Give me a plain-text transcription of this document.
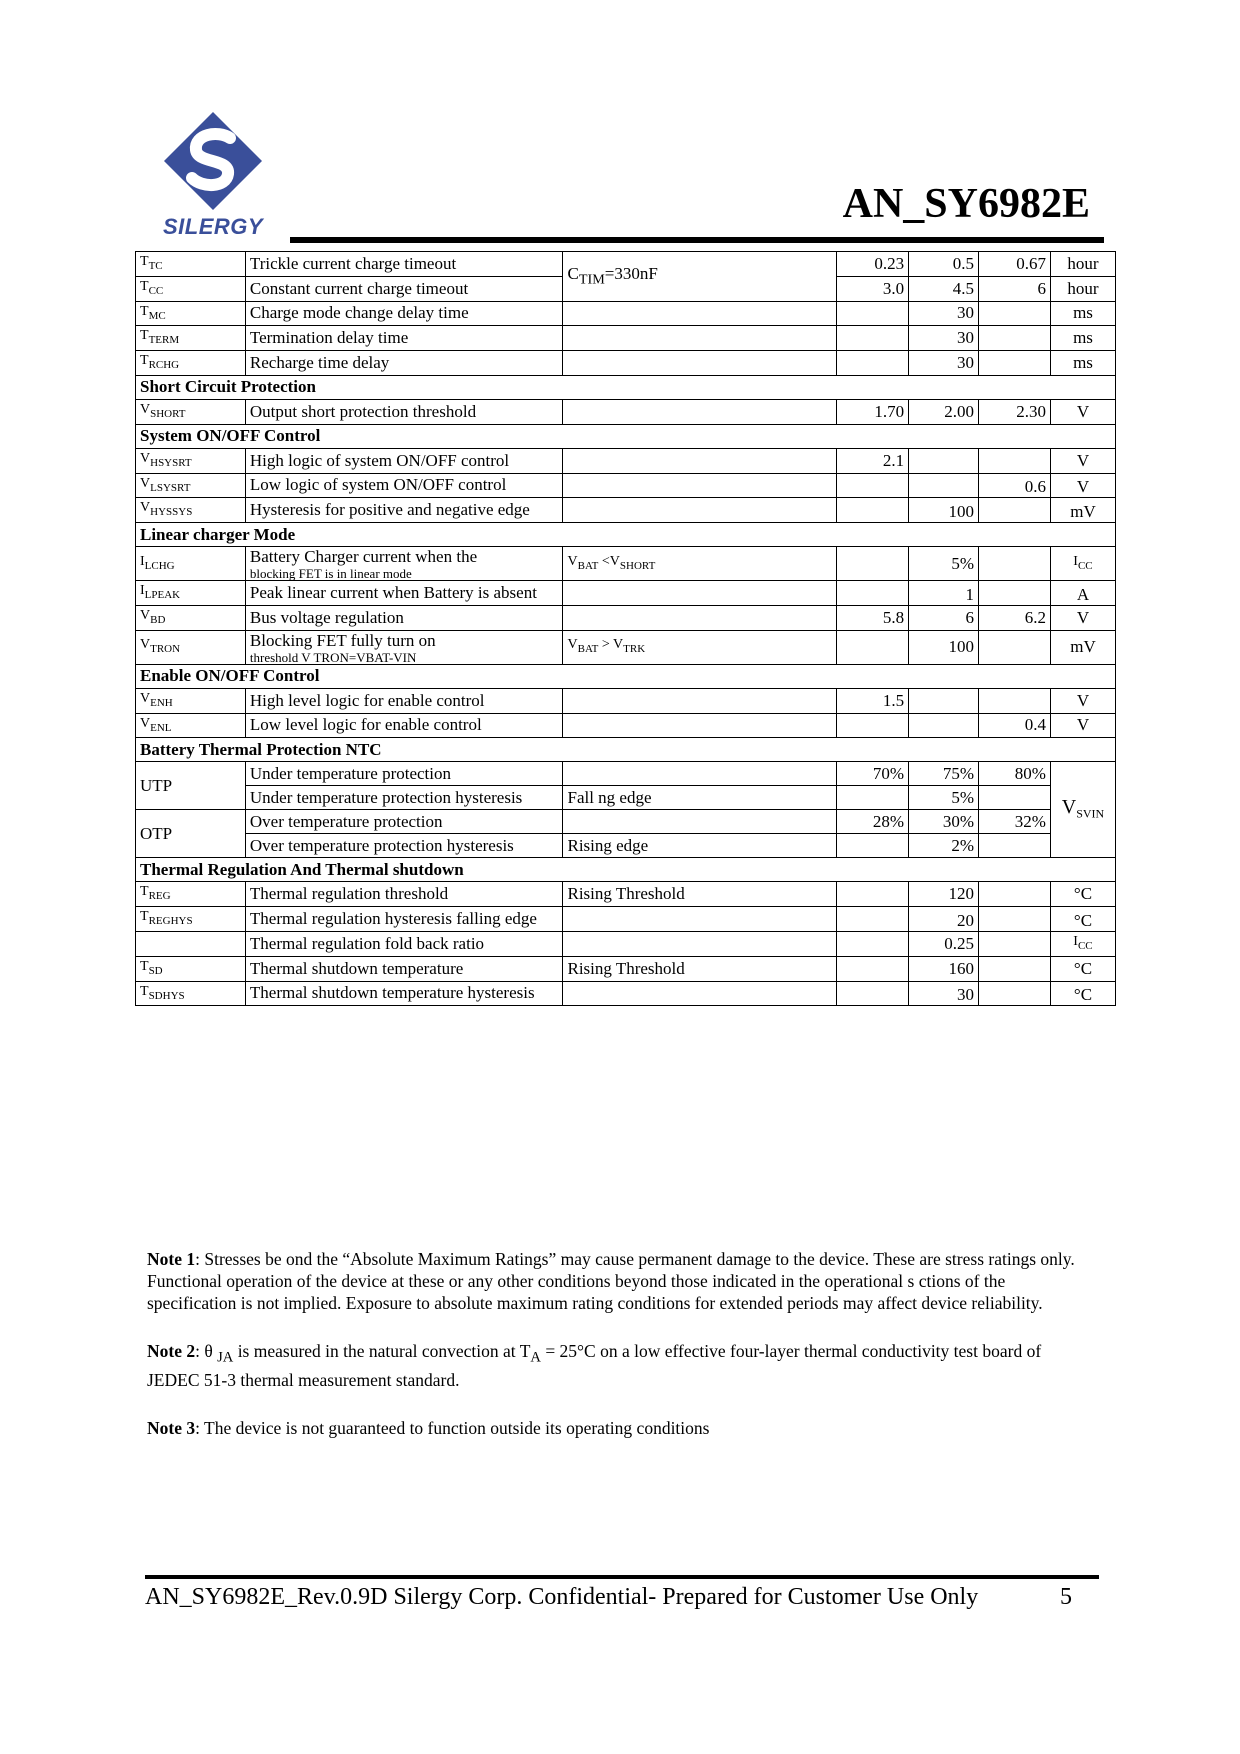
SILERGY	AN_SY6982E
$T_{TC}$	Trickle current charge timeout	$C_{TIM}=330nF$	0.23	0.5	0.67	hour
$T_{CC}$	Constant current charge timeout		3.0	4.5	6	hour
$T_{MC}$	Charge mode change delay time			30		ms
$T_{TERM}$	Termination delay time			30		ms
$T_{RCHG}$	Recharge time delay			30		ms
Short Circuit Protection						
$V_{SHORT}$	Output short protection threshold		1.70	2.00	2.30	V
System ON/OFF Control						
$V_{HSYSRT}$	High logic of system ON/OFF control		2.1			V
$V_{LSYSRT}$	Low logic of system ON/OFF control				0.6	V
$V_{HYSSYS}$	Hysteresis for positive and negative edge			100		mV
Linear charger Mode						
$I_{LCHG}$	Battery Charger current when the
blocking FET is in linear mode	$V_{BAT} <V_{SHORT}$		5%		$I_{CC}$
$I_{LPEAK}$	Peak linear current when Battery is absent			1		A
$V_{BD}$	Bus voltage regulation		5.8	6	6.2	V
$V_{TRON}$	Blocking FET fully turn on
threshold V TRON=VBAT-VIN	$V_{BAT} > V_{TRK}$		100		mV
Enable ON/OFF Control						
$V_{ENH}$	High level logic for enable control		1.5			V
$V_{ENL}$	Low level logic for enable control				0.4	V
Battery Thermal Protection NTC						
UTP	Under temperature protection		70%	75%	80%	$V_{SVIN}$
	Under temperature protection hysteresis	Fall ng edge		5%		
OTP	Over temperature protection		28%	30%	32%	
	Over temperature protection hysteresis	Rising edge		2%		
Thermal Regulation And Thermal shutdown						
$T_{REG}$	Thermal regulation threshold	Rising Threshold		120		°C
$T_{REGHYS}$	Thermal regulation hysteresis falling edge			20		°C
	Thermal regulation fold back ratio			0.25		$I_{CC}$
$T_{SD}$	Thermal shutdown temperature	Rising Threshold		160		°C
$T_{SDHYS}$	Thermal shutdown temperature hysteresis			30		°C

Note 1: Stresses be ond the “Absolute Maximum Ratings” may cause permanent damage to the device. These are stress ratings only. Functional operation of the device at these or any other conditions beyond those indicated in the operational s ctions of the specification is not implied. Exposure to absolute maximum rating conditions for extended periods may affect device reliability.

Note 2: θ $_{JA}$ is measured in the natural convection at $T_A = 25^\circ C$ on a low effective four-layer thermal conductivity test board of JEDEC 51-3 thermal measurement standard.

Note 3: The device is not guaranteed to function outside its operating conditions

AN_SY6982E_Rev.0.9D Silergy Corp. Confidential- Prepared for Customer Use Only	5
